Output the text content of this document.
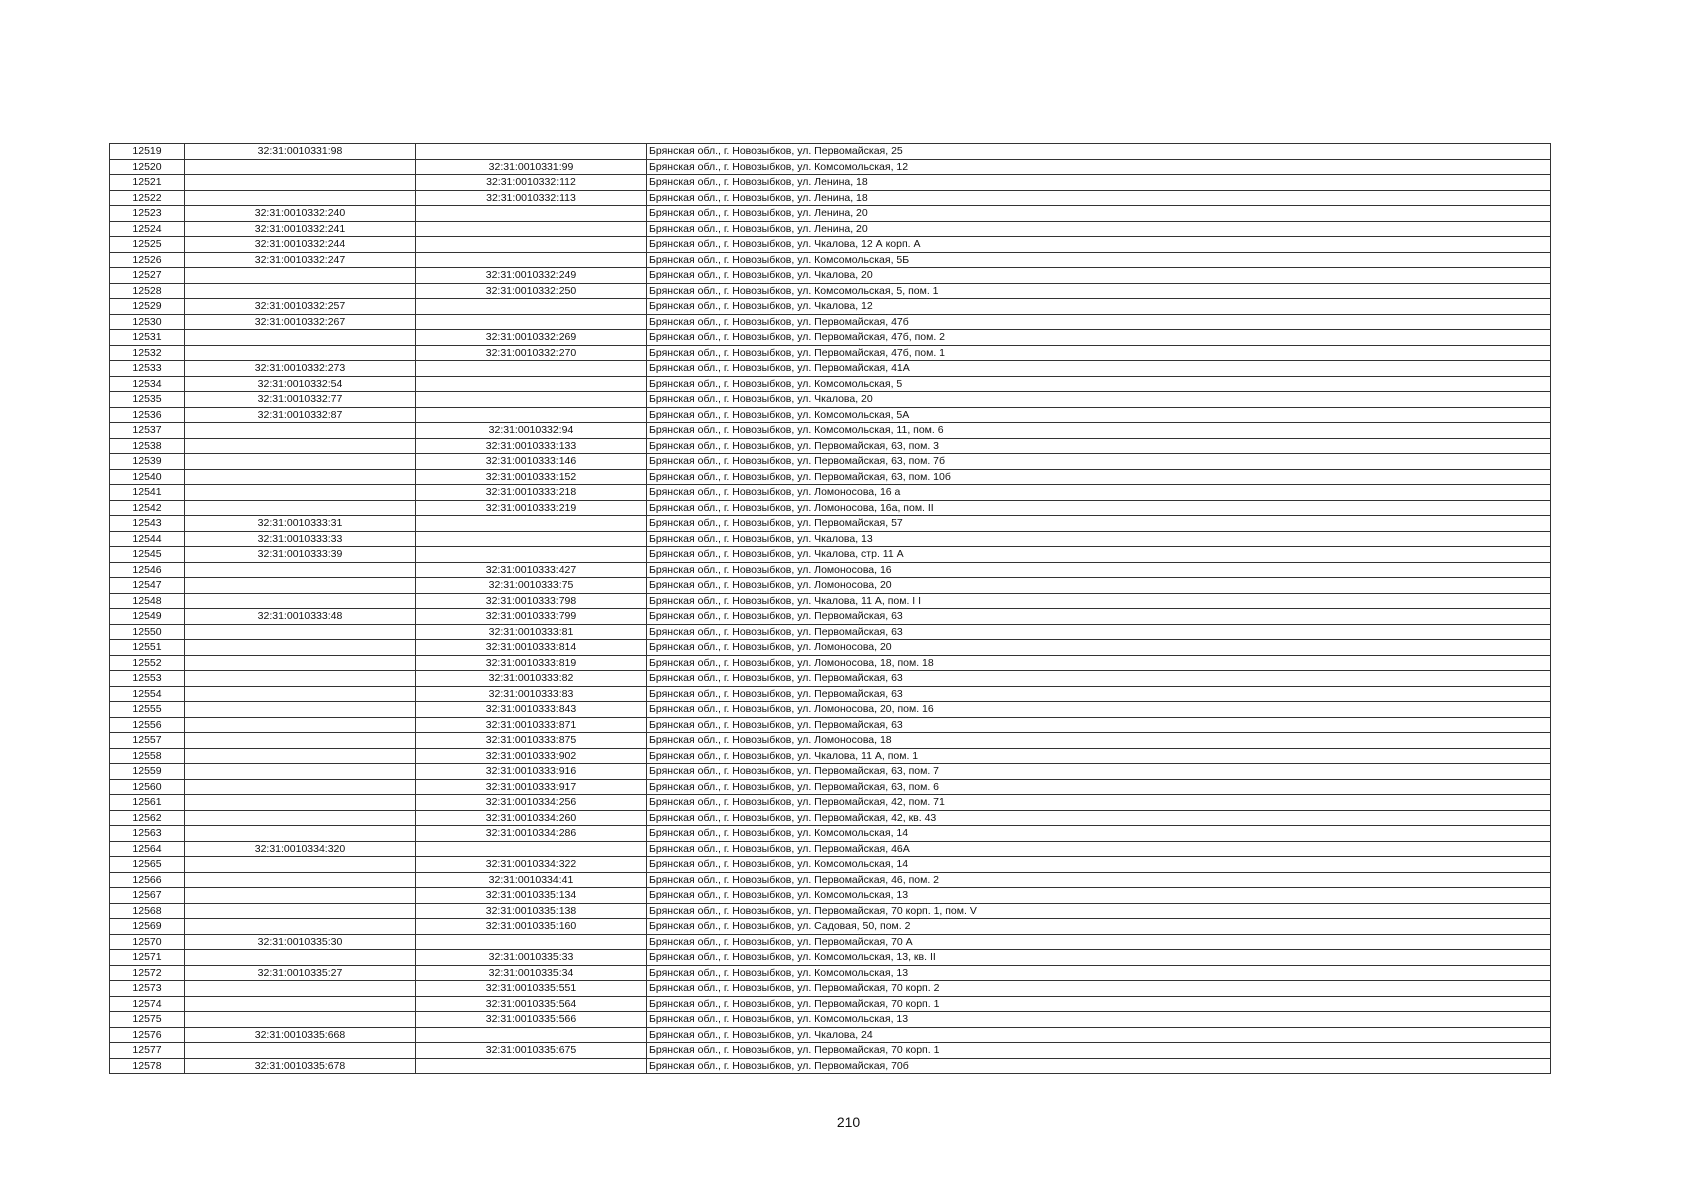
12519	32:31:0010331:98		Брянская обл., г. Новозыбков, ул. Первомайская, 25
12520		32:31:0010331:99	Брянская обл., г. Новозыбков, ул. Комсомольская, 12
12521		32:31:0010332:112	Брянская обл., г. Новозыбков, ул. Ленина, 18
12522		32:31:0010332:113	Брянская обл., г. Новозыбков, ул. Ленина, 18
12523	32:31:0010332:240		Брянская обл., г. Новозыбков, ул. Ленина, 20
12524	32:31:0010332:241		Брянская обл., г. Новозыбков, ул. Ленина, 20
12525	32:31:0010332:244		Брянская обл., г. Новозыбков, ул. Чкалова, 12 А корп. А
12526	32:31:0010332:247		Брянская обл., г. Новозыбков, ул. Комсомольская, 5Б
12527		32:31:0010332:249	Брянская обл., г. Новозыбков, ул. Чкалова, 20
12528		32:31:0010332:250	Брянская обл., г. Новозыбков, ул. Комсомольская, 5, пом. 1
12529	32:31:0010332:257		Брянская обл., г. Новозыбков, ул. Чкалова, 12
12530	32:31:0010332:267		Брянская обл., г. Новозыбков, ул. Первомайская, 47б
12531		32:31:0010332:269	Брянская обл., г. Новозыбков, ул. Первомайская, 47б, пом. 2
12532		32:31:0010332:270	Брянская обл., г. Новозыбков, ул. Первомайская, 47б, пом. 1
12533	32:31:0010332:273		Брянская обл., г. Новозыбков, ул. Первомайская, 41А
12534	32:31:0010332:54		Брянская обл., г. Новозыбков, ул. Комсомольская, 5
12535	32:31:0010332:77		Брянская обл., г. Новозыбков, ул. Чкалова, 20
12536	32:31:0010332:87		Брянская обл., г. Новозыбков, ул. Комсомольская, 5А
12537		32:31:0010332:94	Брянская обл., г. Новозыбков, ул. Комсомольская, 11, пом. 6
12538		32:31:0010333:133	Брянская обл., г. Новозыбков, ул. Первомайская, 63, пом. 3
12539		32:31:0010333:146	Брянская обл., г. Новозыбков, ул. Первомайская, 63, пом. 7б
12540		32:31:0010333:152	Брянская обл., г. Новозыбков, ул. Первомайская, 63, пом. 10б
12541		32:31:0010333:218	Брянская обл., г. Новозыбков, ул. Ломоносова, 16 а
12542		32:31:0010333:219	Брянская обл., г. Новозыбков, ул. Ломоносова, 16а, пом. II
12543	32:31:0010333:31		Брянская обл., г. Новозыбков, ул. Первомайская, 57
12544	32:31:0010333:33		Брянская обл., г. Новозыбков, ул. Чкалова, 13
12545	32:31:0010333:39		Брянская обл., г. Новозыбков, ул. Чкалова, стр. 11 А
12546		32:31:0010333:427	Брянская обл., г. Новозыбков, ул. Ломоносова, 16
12547		32:31:0010333:75	Брянская обл., г. Новозыбков, ул. Ломоносова, 20
12548		32:31:0010333:798	Брянская обл., г. Новозыбков, ул. Чкалова, 11 А, пом. I I
12549	32:31:0010333:48	32:31:0010333:799	Брянская обл., г. Новозыбков, ул. Первомайская, 63
12550		32:31:0010333:81	Брянская обл., г. Новозыбков, ул. Первомайская, 63
12551		32:31:0010333:814	Брянская обл., г. Новозыбков, ул. Ломоносова, 20
12552		32:31:0010333:819	Брянская обл., г. Новозыбков, ул. Ломоносова, 18, пом. 18
12553		32:31:0010333:82	Брянская обл., г. Новозыбков, ул. Первомайская, 63
12554		32:31:0010333:83	Брянская обл., г. Новозыбков, ул. Первомайская, 63
12555		32:31:0010333:843	Брянская обл., г. Новозыбков, ул. Ломоносова, 20, пом. 16
12556		32:31:0010333:871	Брянская обл., г. Новозыбков, ул. Первомайская, 63
12557		32:31:0010333:875	Брянская обл., г. Новозыбков, ул. Ломоносова, 18
12558		32:31:0010333:902	Брянская обл., г. Новозыбков, ул. Чкалова, 11 А, пом. 1
12559		32:31:0010333:916	Брянская обл., г. Новозыбков, ул. Первомайская, 63, пом. 7
12560		32:31:0010333:917	Брянская обл., г. Новозыбков, ул. Первомайская, 63, пом. 6
12561		32:31:0010334:256	Брянская обл., г. Новозыбков, ул. Первомайская, 42, пом. 71
12562		32:31:0010334:260	Брянская обл., г. Новозыбков, ул. Первомайская, 42, кв. 43
12563		32:31:0010334:286	Брянская обл., г. Новозыбков, ул. Комсомольская, 14
12564	32:31:0010334:320		Брянская обл., г. Новозыбков, ул. Первомайская, 46А
12565		32:31:0010334:322	Брянская обл., г. Новозыбков, ул. Комсомольская, 14
12566		32:31:0010334:41	Брянская обл., г. Новозыбков, ул. Первомайская, 46, пом. 2
12567		32:31:0010335:134	Брянская обл., г. Новозыбков, ул. Комсомольская, 13
12568		32:31:0010335:138	Брянская обл., г. Новозыбков, ул. Первомайская, 70 корп. 1, пом. V
12569		32:31:0010335:160	Брянская обл., г. Новозыбков, ул. Садовая, 50, пом. 2
12570	32:31:0010335:30		Брянская обл., г. Новозыбков, ул. Первомайская, 70 А
12571		32:31:0010335:33	Брянская обл., г. Новозыбков, ул. Комсомольская, 13, кв. II
12572	32:31:0010335:27	32:31:0010335:34	Брянская обл., г. Новозыбков, ул. Комсомольская, 13
12573		32:31:0010335:551	Брянская обл., г. Новозыбков, ул. Первомайская, 70 корп. 2
12574		32:31:0010335:564	Брянская обл., г. Новозыбков, ул. Первомайская, 70 корп. 1
12575		32:31:0010335:566	Брянская обл., г. Новозыбков, ул. Комсомольская, 13
12576	32:31:0010335:668		Брянская обл., г. Новозыбков, ул. Чкалова, 24
12577		32:31:0010335:675	Брянская обл., г. Новозыбков, ул. Первомайская, 70 корп. 1
12578	32:31:0010335:678		Брянская обл., г. Новозыбков, ул. Первомайская, 70б
210
